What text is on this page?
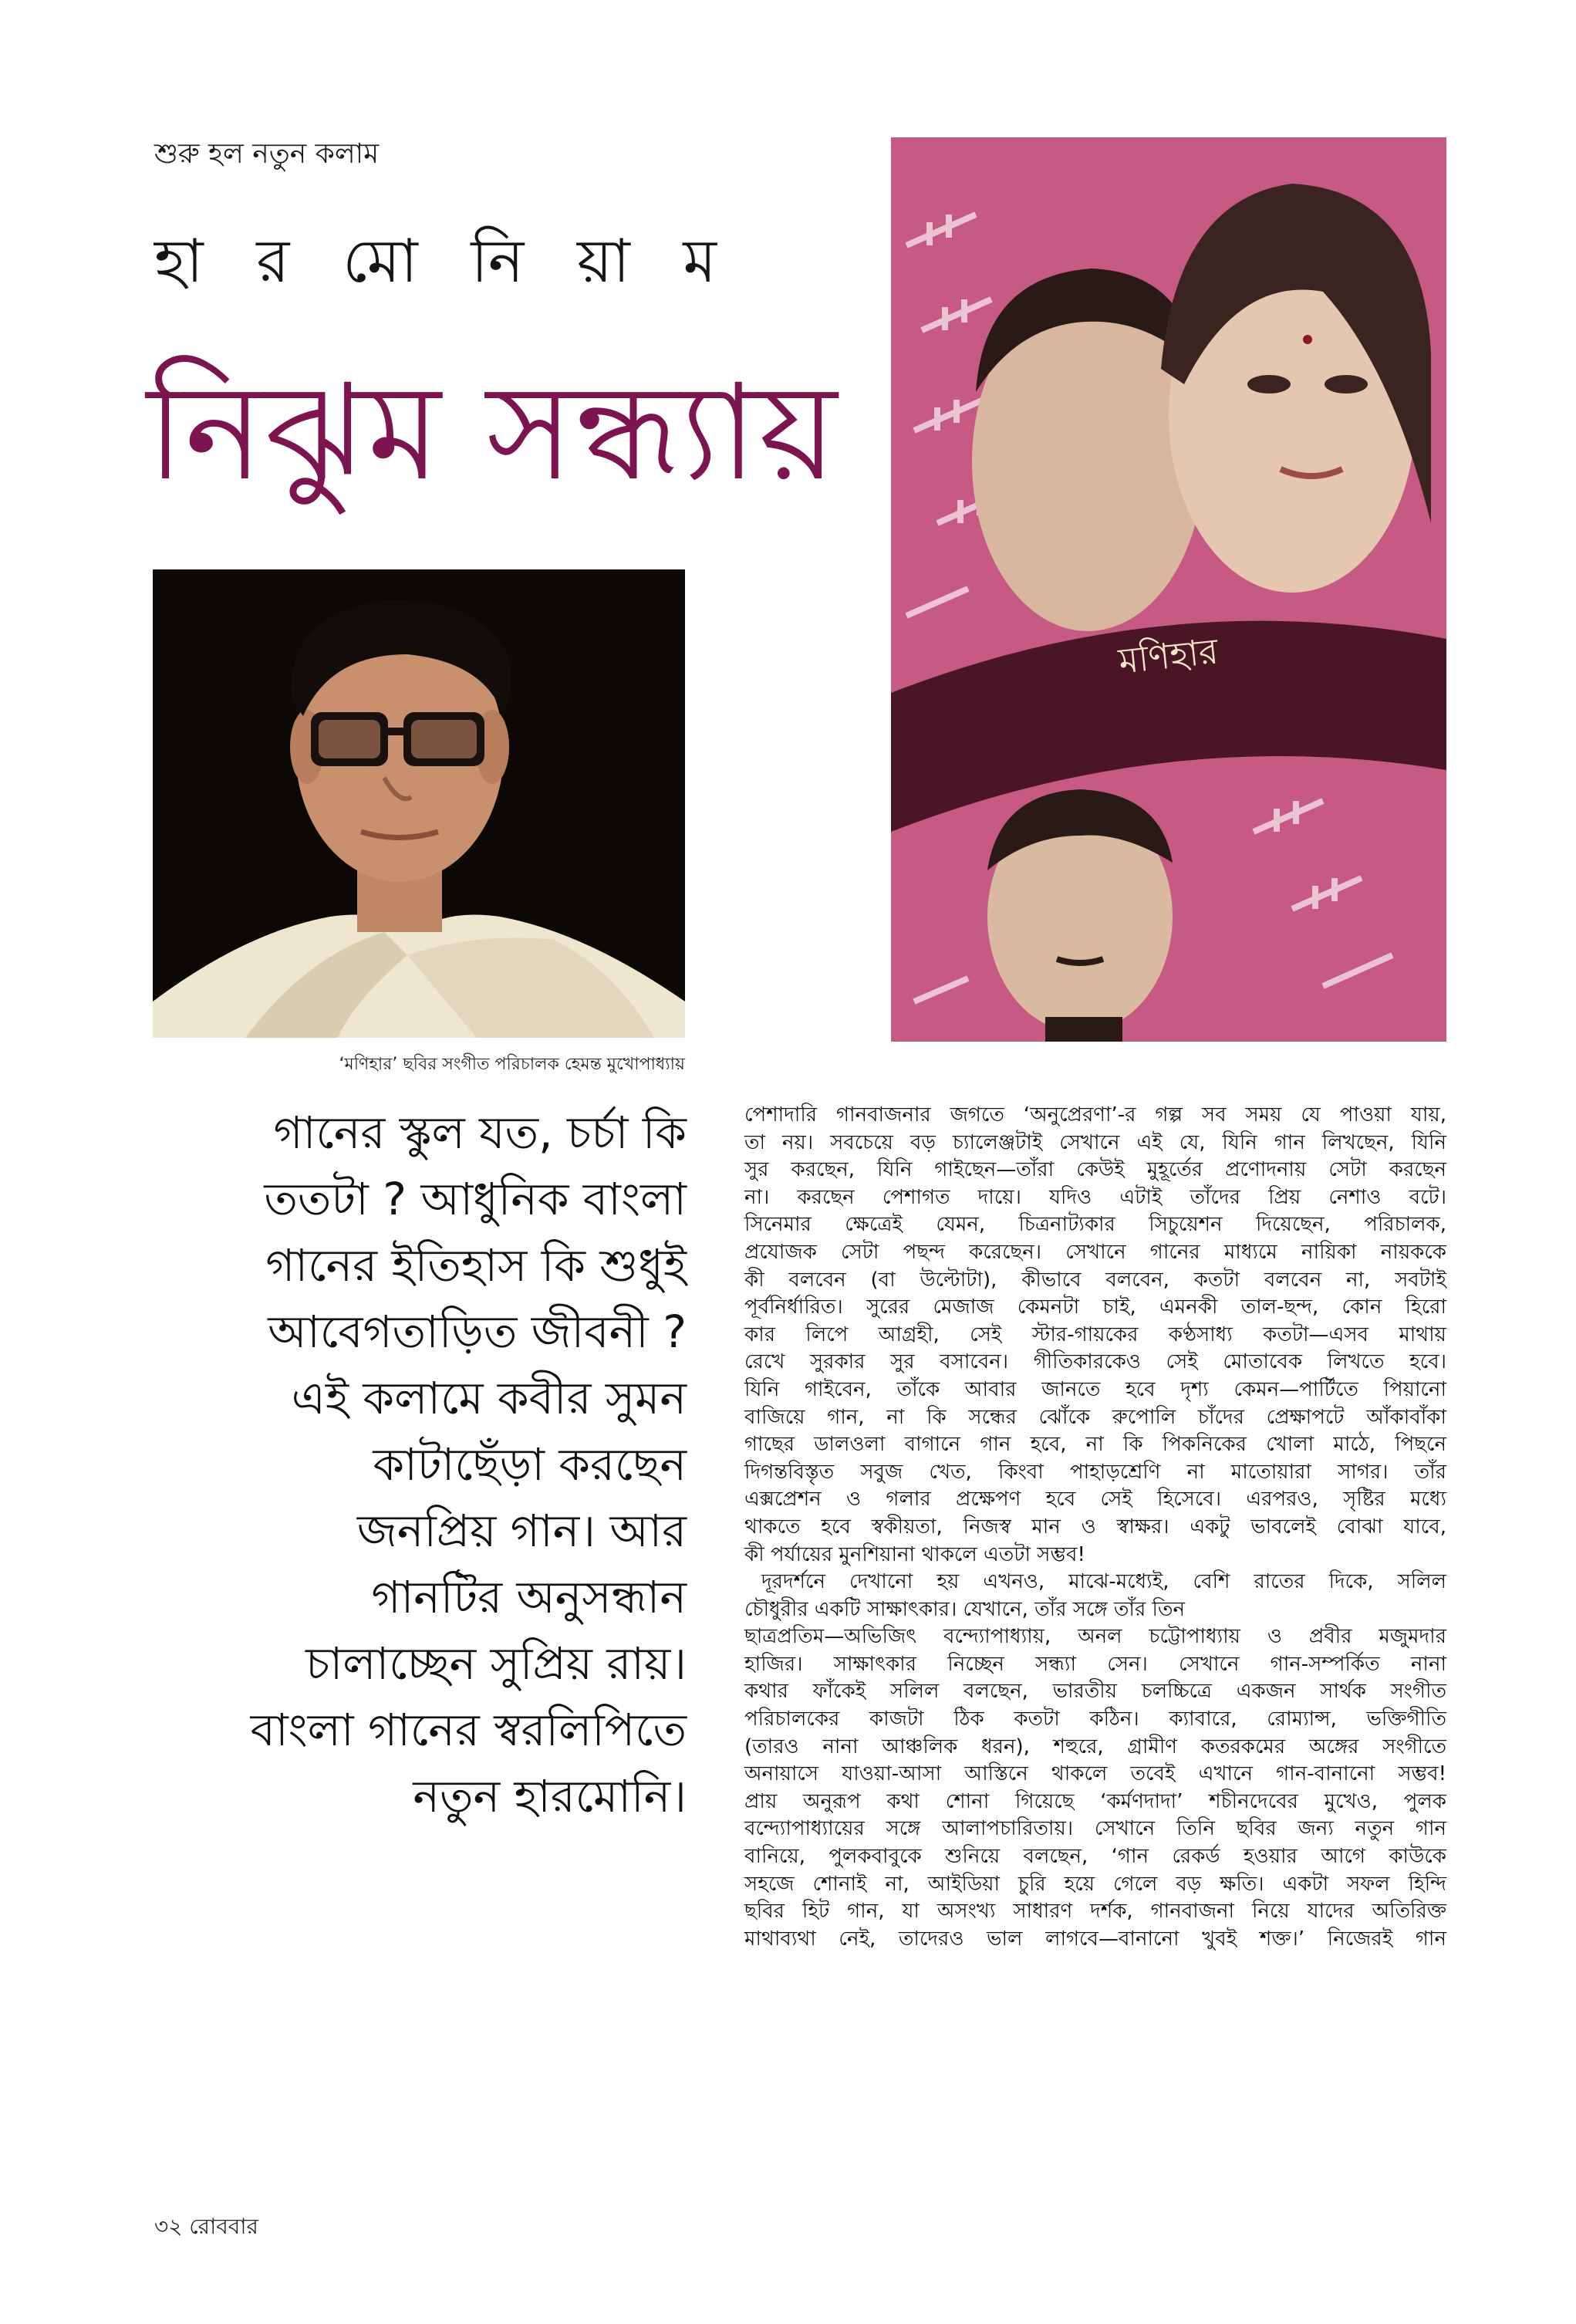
শুরু হল নতুন কলাম
হা র মো নি য়া ম
নিঝুম সন্ধ্যায়
‘মণিহার’ ছবির সংগীত পরিচালক হেমন্ত মুখোপাধ্যায়
মণিহার
গানের স্কুল যত, চর্চা কি
ততটা ? আধুনিক বাংলা
গানের ইতিহাস কি শুধুই
আবেগতাড়িত জীবনী ?
এই কলামে কবীর সুমন
কাটাছেঁড়া করছেন
জনপ্রিয় গান। আর
গানটির অনুসন্ধান
চালাচ্ছেন সুপ্রিয় রায়।
বাংলা গানের স্বরলিপিতে
নতুন হারমোনি।
পেশাদারি গানবাজনার জগতে ‘অনুপ্রেরণা’-র গল্প সব সময় যে পাওয়া যায়,
তা নয়। সবচেয়ে বড় চ্যালেঞ্জটাই সেখানে এই যে, যিনি গান লিখছেন, যিনি
সুর করছেন, যিনি গাইছেন—তাঁরা কেউই মুহূর্তের প্রণোদনায় সেটা করছেন
না। করছেন পেশাগত দায়ে। যদিও এটাই তাঁদের প্রিয় নেশাও বটে।
সিনেমার ক্ষেত্রেই যেমন, চিত্রনাট্যকার সিচুয়েশন দিয়েছেন, পরিচালক,
প্রযোজক সেটা পছন্দ করেছেন। সেখানে গানের মাধ্যমে নায়িকা নায়ককে
কী বলবেন (বা উল্টোটা), কীভাবে বলবেন, কতটা বলবেন না, সবটাই
পূর্বনির্ধারিত। সুরের মেজাজ কেমনটা চাই, এমনকী তাল-ছন্দ, কোন হিরো
কার লিপে আগ্রহী, সেই স্টার-গায়কের কণ্ঠসাধ্য কতটা—এসব মাথায়
রেখে সুরকার সুর বসাবেন। গীতিকারকেও সেই মোতাবেক লিখতে হবে।
যিনি গাইবেন, তাঁকে আবার জানতে হবে দৃশ্য কেমন—পার্টিতে পিয়ানো
বাজিয়ে গান, না কি সন্ধের ঝোঁকে রুপোলি চাঁদের প্রেক্ষাপটে আঁকাবাঁকা
গাছের ডালওলা বাগানে গান হবে, না কি পিকনিকের খোলা মাঠে, পিছনে
দিগন্তবিস্তৃত সবুজ খেত, কিংবা পাহাড়শ্রেণি না মাতোয়ারা সাগর। তাঁর
এক্সপ্রেশন ও গলার প্রক্ষেপণ হবে সেই হিসেবে। এরপরও, সৃষ্টির মধ্যে
থাকতে হবে স্বকীয়তা, নিজস্ব মান ও স্বাক্ষর। একটু ভাবলেই বোঝা যাবে,
কী পর্যায়ের মুনশিয়ানা থাকলে এতটা সম্ভব!
দূরদর্শনে দেখানো হয় এখনও, মাঝে-মধ্যেই, বেশি রাতের দিকে, সলিল
চৌধুরীর একটি সাক্ষাৎকার। যেখানে, তাঁর সঙ্গে তাঁর তিন
ছাত্রপ্রতিম—অভিজিৎ বন্দ্যোপাধ্যায়, অনল চট্টোপাধ্যায় ও প্রবীর মজুমদার
হাজির। সাক্ষাৎকার নিচ্ছেন সন্ধ্যা সেন। সেখানে গান-সম্পর্কিত নানা
কথার ফাঁকেই সলিল বলছেন, ভারতীয় চলচ্চিত্রে একজন সার্থক সংগীত
পরিচালকের কাজটা ঠিক কতটা কঠিন। ক্যাবারে, রোম্যান্স, ভক্তিগীতি
(তারও নানা আঞ্চলিক ধরন), শহুরে, গ্রামীণ কতরকমের অঙ্গের সংগীতে
অনায়াসে যাওয়া-আসা আস্তিনে থাকলে তবেই এখানে গান-বানানো সম্ভব!
প্রায় অনুরূপ কথা শোনা গিয়েছে ‘কর্মণদাদা’ শচীনদেবের মুখেও, পুলক
বন্দ্যোপাধ্যায়ের সঙ্গে আলাপচারিতায়। সেখানে তিনি ছবির জন্য নতুন গান
বানিয়ে, পুলকবাবুকে শুনিয়ে বলছেন, ‘গান রেকর্ড হওয়ার আগে কাউকে
সহজে শোনাই না, আইডিয়া চুরি হয়ে গেলে বড় ক্ষতি। একটা সফল হিন্দি
ছবির হিট গান, যা অসংখ্য সাধারণ দর্শক, গানবাজনা নিয়ে যাদের অতিরিক্ত
মাথাব্যথা নেই, তাদেরও ভাল লাগবে—বানানো খুবই শক্ত।’ নিজেরই গান
৩২ রোববার
